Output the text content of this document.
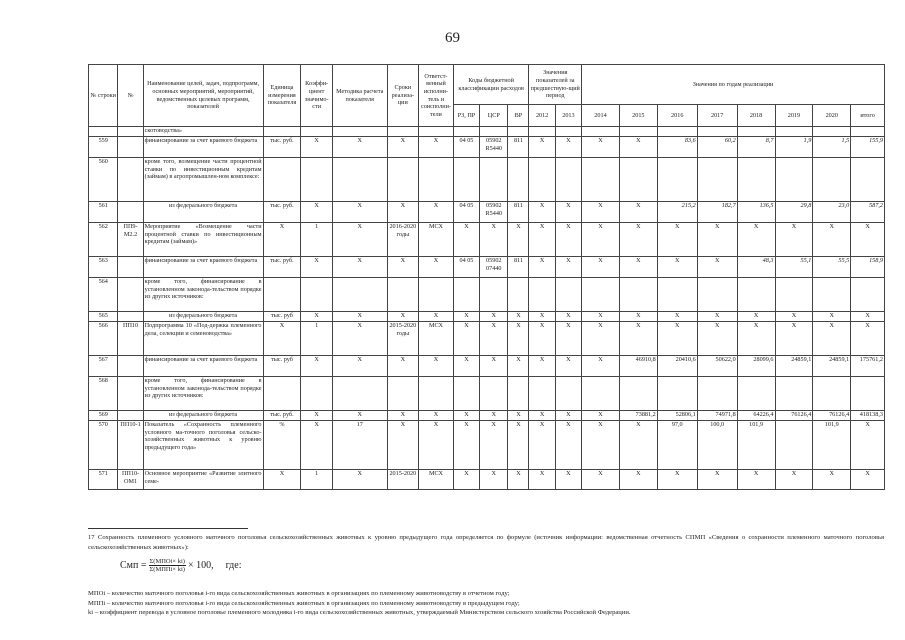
69
№ строки	№	Наименование целей, задач, подпрограмм, основных мероприятий, мероприятий, ведомственных целевых программ, показателей	Единица измерения показателя	Коэффи-циент значимо-сти	Методика расчета показателя	Сроки реализа-ции	Ответст-венный исполни-тель и соисполни-тели	Коды бюджетной классификации расходов			Значения показателей за предшествую-щий период		Значения по годам реализации							
								РЗ, ПР	ЦСР	ВР	2012	2013	2014	2015	2016	2017	2018	2019	2020	итого
		скотоводства»																		
559		финансирование за счет краевого бюджета	тыс. руб.	X	X	X	X	04 05	05902 R5440	811	X	X	X	X	83,6	60,2	8,7	1,9	1,5	155,9
560		кроме того, возмещение части процентной ставки по инвестиционным кредитам (займам) в агропромышлен-ном комплексе:																		
561		из федерального бюджета	тыс. руб.	X	X	X	X	04 05	05902 R5440	811	X	X	X	X	215,2	182,7	136,5	29,8	23,0	587,2
562	ПП9-М2.2	Мероприятие «Возмещение части процентной ставки по инвестиционным кредитам (займам)»	X	1	X	2016-2020 годы	МСХ	X	X	X	X	X	X	X	X	X	X	X	X	X
563		финансирование за счет краевого бюджета	тыс. руб.	X	X	X	X	04 05	05902 07440	811	X	X	X	X	X	X	48,3	55,1	55,5	158,9
564		кроме того, финансирование в установленном законода-тельством порядке из других источников:																		
565		из федерального бюджета	тыс. руб	X	X	X	X	X	X	X	X	X	X	X	X	X	X	X	X	X
566	ПП10	Подпрограмма 10 «Под-держка племенного дела, селекции и семеноводства»	X	1	X	2015-2020 годы	МСХ	X	X	X	X	X	X	X	X	X	X	X	X	X
567		финансирование за счет краевого бюджета	тыс. руб	X	X	X	X	X	X	X	X	X	X	46910,8	20410,6	50622,0	28099,6	24859,1	24859,1	175761,2
568		кроме того, финансирование в установленном законода-тельством порядке из других источников:																		
569		из федерального бюджета	тыс. руб.	X	X	X	X	X	X	X	X	X	X	73881,2	52806,1	74971,8	64226,4	76126,4	76126,4	418138,3
570	ПП10-1	Показатель «Сохранность племенного условного ма-точного поголовья сельско-хозяйственных животных к уровню предыдущего года»	%	X	17	X	X	X	X	X	X	X	X	X	97,0	100,0	101,9		101,9	X
571	ПП10-ОМ1	Основное мероприятие «Развитие элитного семе-	X	1	X	2015-2020	МСХ	X	X	X	X	X	X	X	X	X	X	X	X	X
17 Сохранность племенного условного маточного поголовья сельскохозяйственных животных к уровню предыдущего года определяется по формуле (источник информации: ведомственная отчетность СПМП «Сведения о сохранности племенного маточного поголовья сельскохозяйственных животных»):
Смп = $\frac{\text{Σ(МПОi× ki)}}{\text{Σ(МППi× ki)}} \times 100$, где:
МПОi – количество маточного поголовья i-го вида сельскохозяйственных животных в организациях по племенному животноводству в отчетном году;
МППi – количество маточного поголовья i-го вида сельскохозяйственных животных в организациях по племенному животноводству в предыдущем году;
ki – коэффициент перевода в условное поголовье племенного молодняка i-го вида сельскохозяйственных животных, утверждаемый Министерством сельского хозяйства Российской Федерации.
